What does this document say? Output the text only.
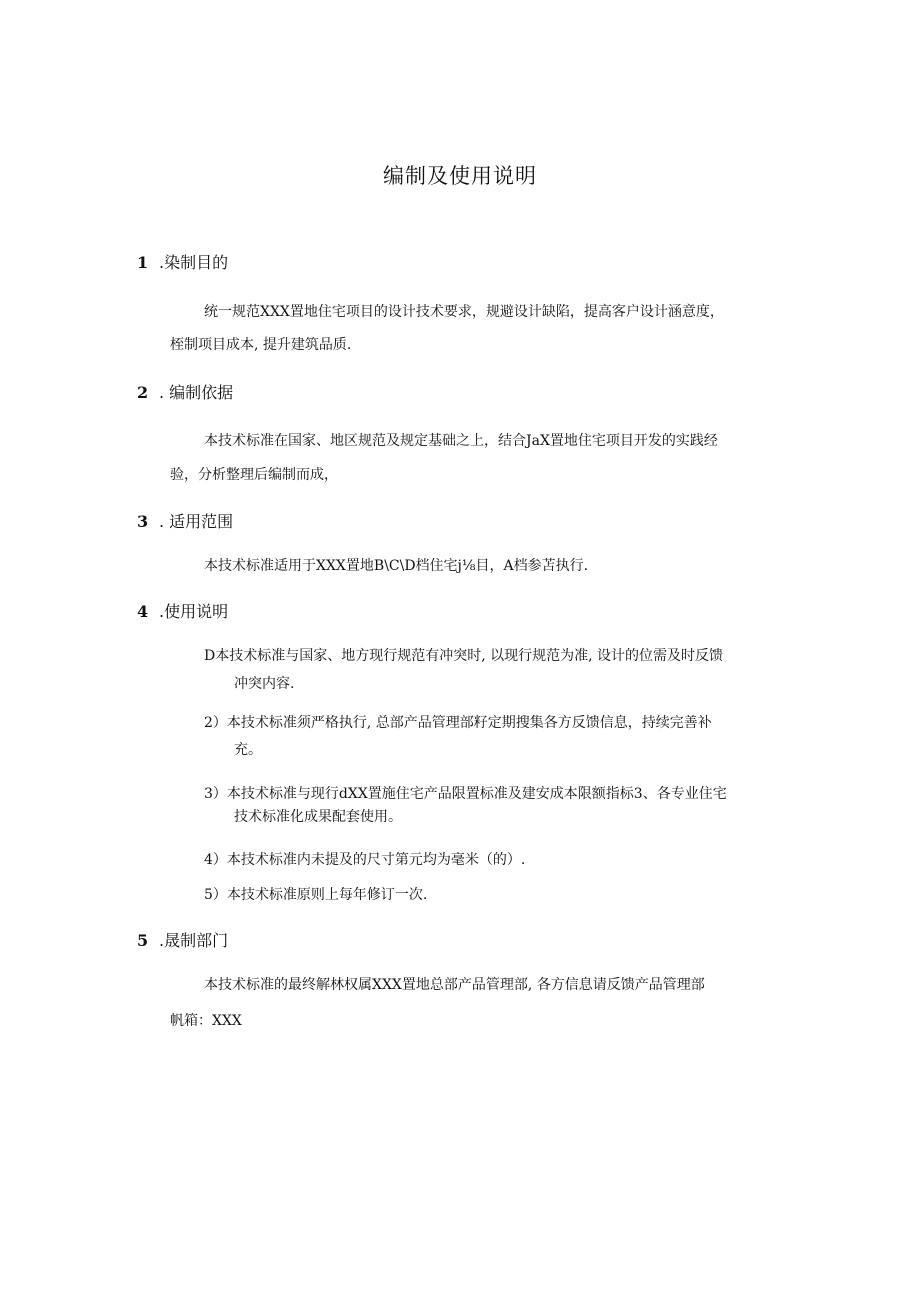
编制及使用说明
1 .染制目的
统一规范XXX置地住宅项目的设计技术要求，规避设计缺陷，提高客户设计涵意度，
桎制项目成本, 提升建筑品质.
2 . 编制依据
本技术标准在国家、地区规范及规定基础之上，结合JaX置地住宅项目开发的实践经
验，分析整理后编制而成，
3 . 适用范围
本技术标准适用于XXX置地B\C\D档住宅j⅛目，A档参苫执行.
4 .使用说明
D本技术标准与国家、地方现行规范有冲突时, 以现行规范为准, 设计的位需及时反馈
冲突内容.
2）本技术标准须严格执行, 总部产品管理部籽定期搜集各方反馈信息，持续完善补
充。
3）本技术标准与现行dXX置施住宅产品限置标准及建安成本限额指标3、各专业住宅
技术标准化成果配套使用。
4）本技术标准内未提及的尺寸第元均为毫米（的）.
5）本技术标准原则上每年修订一次.
5 .晟制部门
本技术标准的最终解林权属XXX置地总部产品管理部, 各方信息请反馈产品管理部
帆箱：XXX
